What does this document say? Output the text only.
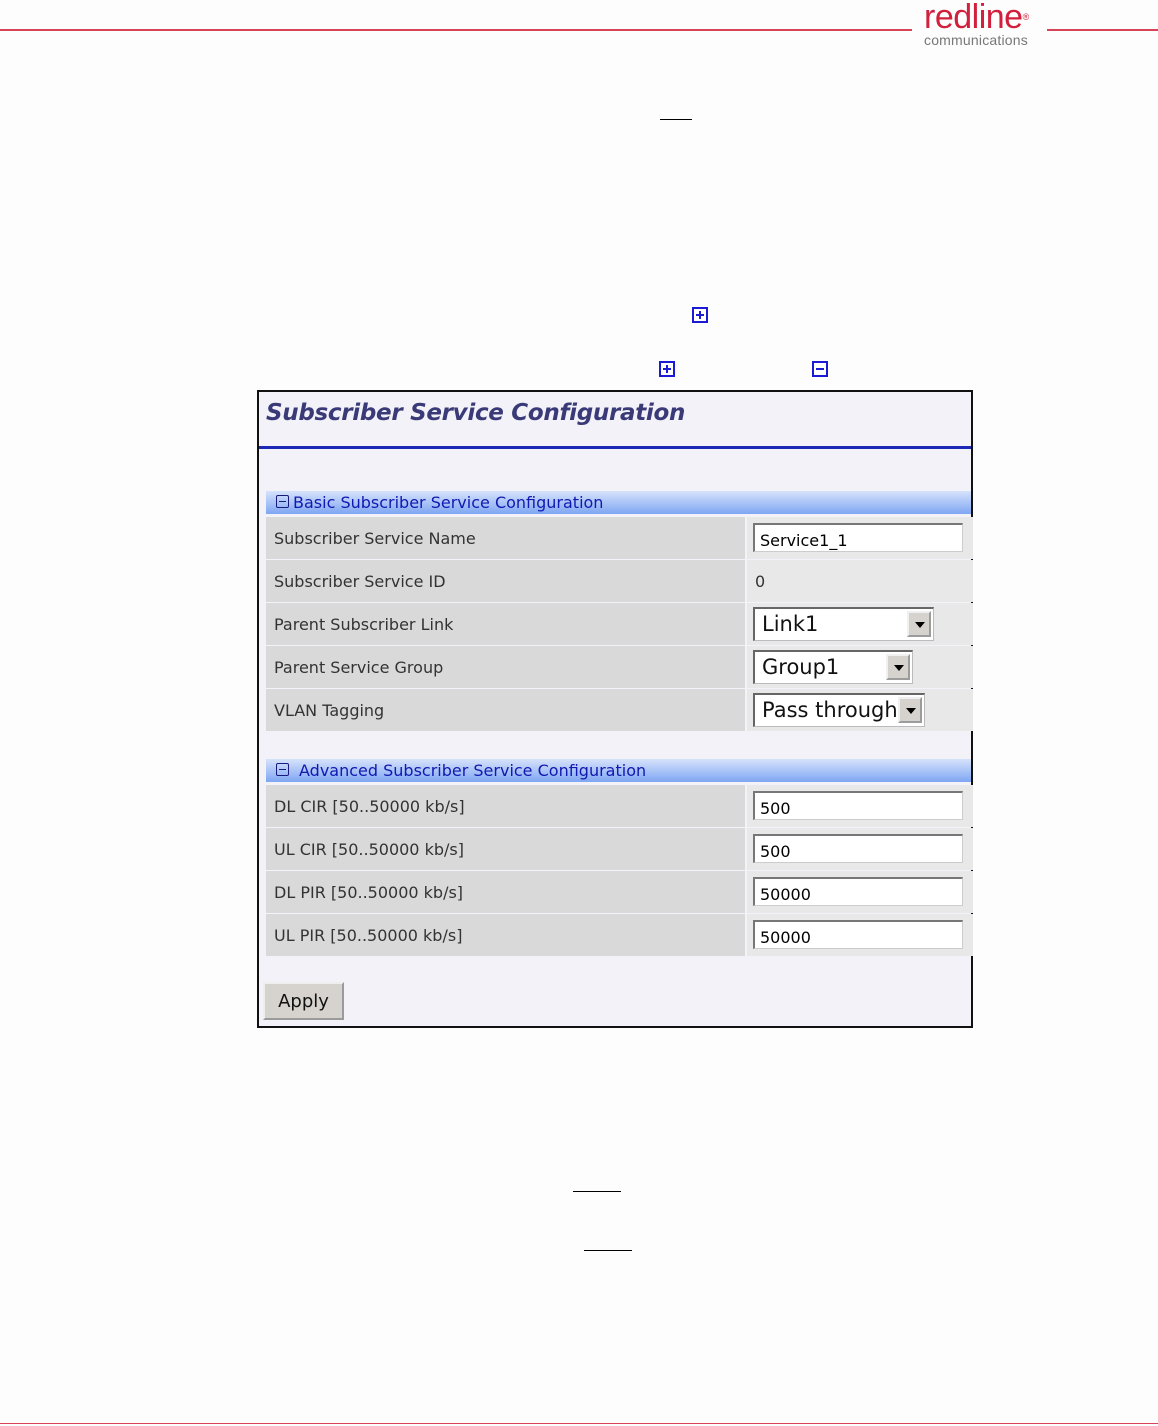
redline®
communications
Subscriber Service Configuration
Basic Subscriber Service Configuration
Subscriber Service Name	Service1_1
Subscriber Service ID	0
Parent Subscriber Link	Link1
Parent Service Group	Group1
VLAN Tagging	Pass through
Advanced Subscriber Service Configuration
DL CIR [50..50000 kb/s]	500
UL CIR [50..50000 kb/s]	500
DL PIR [50..50000 kb/s]	50000
UL PIR [50..50000 kb/s]	50000
Apply
